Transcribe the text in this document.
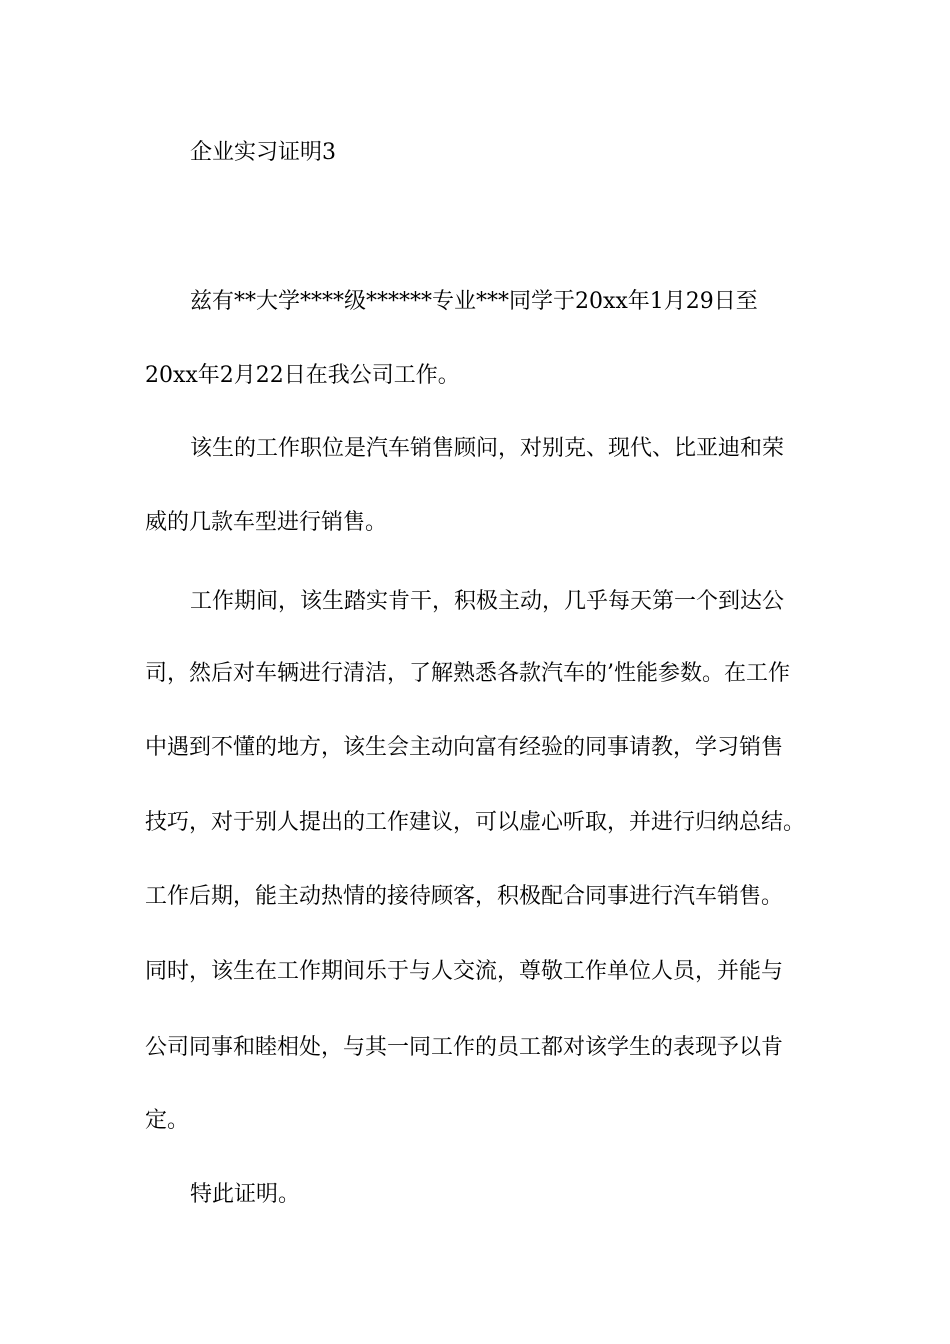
企业实习证明3
兹有**大学****级******专业***同学于20xx年1月29日至
20xx年2月22日在我公司工作。
该生的工作职位是汽车销售顾问，对别克、现代、比亚迪和荣
威的几款车型进行销售。
工作期间，该生踏实肯干，积极主动，几乎每天第一个到达公
司，然后对车辆进行清洁，了解熟悉各款汽车的’性能参数。在工作
中遇到不懂的地方，该生会主动向富有经验的同事请教，学习销售
技巧，对于别人提出的工作建议，可以虚心听取，并进行归纳总结。
工作后期，能主动热情的接待顾客，积极配合同事进行汽车销售。
同时，该生在工作期间乐于与人交流，尊敬工作单位人员，并能与
公司同事和睦相处，与其一同工作的员工都对该学生的表现予以肯
定。
特此证明。
